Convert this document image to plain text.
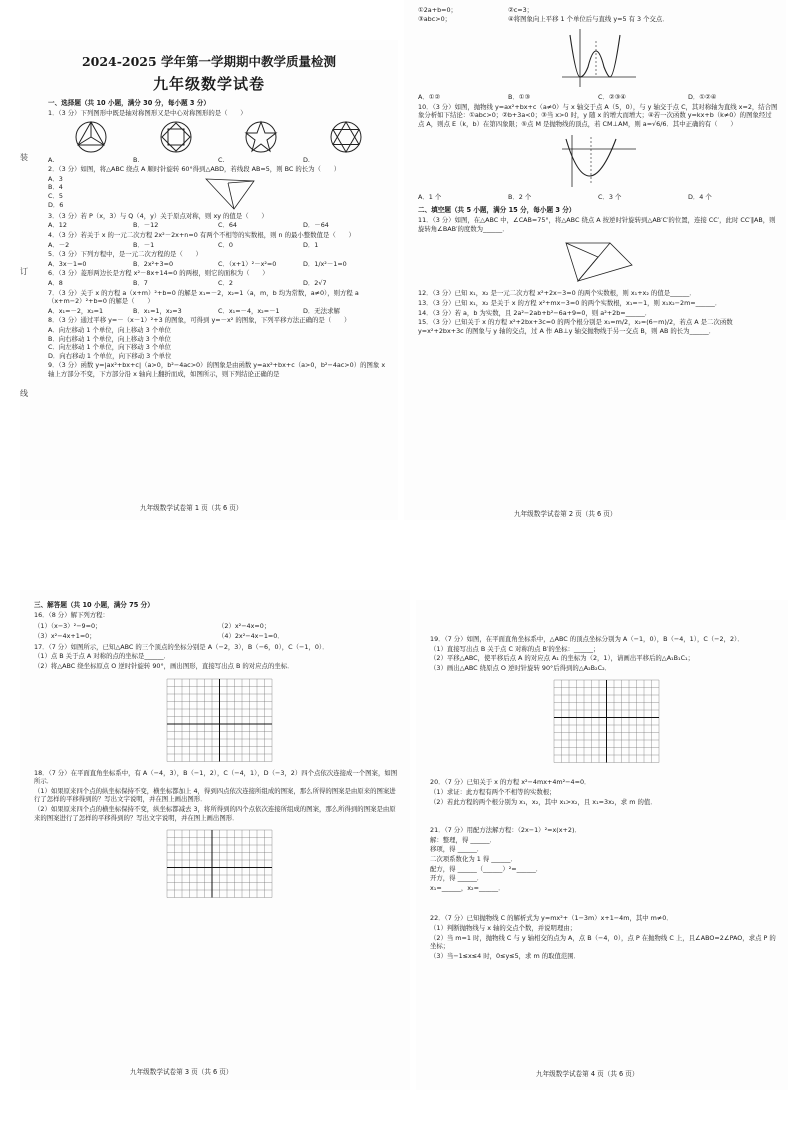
装
订
线
2024-2025 学年第一学期期中教学质量检测
九年级数学试卷
一、选择题（共 10 小题，满分 30 分，每小题 3 分）
1．（3 分）下列图形中既是轴对称图形又是中心对称图形的是（　　）
A.	B.	C.	D.
2．（3 分）如图，将△ABC 绕点 A 顺时针旋转 60°得到△ABD，若线段 AB=5，则 BC 的长为（　　）
A．3
B．4
C．5
D．6
3．（3 分）若 P（x，3）与 Q（4，y）关于原点对称，则 xy 的值是（　　）
A．12	B．－12	C．64	D．－64
4．（3 分）若关于 x 的一元二次方程 2x²－2x+n=0 有两个不相等的实数根，则 n 的最小整数值是（　　）
A．－2	B．－1	C．0	D．1
5．（3 分）下列方程中，是一元二次方程的是（　　）
A．3x－1=0	B．2x²+3=0	C．（x+1）²－x²=0	D．1/x²－1=0
6．（3 分）菱形两边长是方程 x²－8x+14=0 的两根，则它的面积为（　　）
A．8	B．7	C．2	D．2√7
7．（3 分）关于 x 的方程 a（x+m）²+b=0 的解是 x₁=－2，x₂=1（a，m，b 均为常数，a≠0），则方程 a（x+m−2）²+b=0 的解是（　　）
A．x₁=－2，x₂=1	B．x₁=1，x₂=3	C．x₁=－4，x₂=－1	D．无法求解
8．（3 分）通过平移 y=－（x－1）²+3 的图象，可得到 y=－x² 的图象，下列平移方法正确的是（　　）
A．向左移动 1 个单位，向上移动 3 个单位
B．向右移动 1 个单位，向上移动 3 个单位
C．向左移动 1 个单位，向下移动 3 个单位
D．向右移动 1 个单位，向下移动 3 个单位
9．（3 分）函数 y=|ax²+bx+c|（a>0，b²−4ac>0）的图象是由函数 y=ax²+bx+c（a>0，b²−4ac>0）的图象 x 轴上方部分不变，下方部分沿 x 轴向上翻折而成，如图所示，则下列结论正确的是
九年级数学试卷第 1 页（共 6 页）
①2a+b=0；
③abc>0；
②c=3；
④将图象向上平移 1 个单位后与直线 y=5 有 3 个交点．
A．①②	B．①③	C．②③④	D．①②④
10．（3 分）如图，抛物线 y=ax²+bx+c（a≠0）与 x 轴交于点 A（5，0），与 y 轴交于点 C，其对称轴为直线 x=2，结合图象分析如下结论：①abc>0；②b+3a<0；③当 x>0 时，y 随 x 的增大而增大；④若一次函数 y=kx+b（k≠0）的图象经过点 A，则点 E（k，b）在第四象限；⑤点 M 是抛物线的顶点，若 CM⊥AM，则 a=√6/6．其中正确的有（　　）
A．1 个	B．2 个	C．3 个	D．4 个
二、填空题（共 5 小题，满分 15 分，每小题 3 分）
11．（3 分）如图，在△ABC 中，∠CAB=75°，将△ABC 绕点 A 按逆时针旋转到△AB′C′的位置，连接 CC′，此时 CC′∥AB，则旋转角∠BAB′的度数为______．
12．（3 分）已知 x₁，x₂ 是一元二次方程 x²+2x−3=0 的两个实数根，则 x₁+x₂ 的值是______．
13．（3 分）已知 x₁，x₂ 是关于 x 的方程 x²+mx−3=0 的两个实数根，x₁=−1，则 x₁x₂−2m=______．
14．（3 分）若 a，b 为实数，且 2a²−2ab+b²−6a+9=0，则 a²+2b=______．
15．（3 分）已知关于 x 的方程 x²+2bx+3c=0 的两个根分别是 x₁=m/2，x₂=(6−m)/2，若点 A 是二次函数 y=x²+2bx+3c 的图象与 y 轴的交点，过 A 作 AB⊥y 轴交抛物线于另一交点 B，则 AB 的长为______．
九年级数学试卷第 2 页（共 6 页）
三、解答题（共 10 小题，满分 75 分）
16．（8 分）解下列方程：
（1）（x−3）²−9=0；	（2）x²−4x=0；
（3）x²−4x+1=0；	（4）2x²−4x−1=0．
17．（7 分）如图所示，已知△ABC 的三个顶点的坐标分别是 A（−2，3），B（−6，0），C（−1，0）．
（1）点 B 关于点 A 对称的点的坐标是______．
（2）将△ABC 绕坐标原点 O 逆时针旋转 90°，画出图形，直接写出点 B 的对应点的坐标．
18．（7 分）在平面直角坐标系中，有 A（−4，3），B（−1，2），C（−4，1），D（−3，2）四个点依次连接成一个图案，如图所示．
（1）如果原来四个点的纵坐标保持不变，横坐标都加上 4，得到四点依次连接所组成的图案，那么所得的图案是由原来的图案进行了怎样的平移得到的？写出文字说明，并在图上画出图形．
（2）如果原来四个点的横坐标保持不变，纵坐标都减去 3，将所得到的四个点依次连接所组成的图案，那么所得到的图案是由原来的图案进行了怎样的平移得到的？写出文字说明，并在图上画出图形．
九年级数学试卷第 3 页（共 6 页）
19．（7 分）如图，在平面直角坐标系中，△ABC 的顶点坐标分别为 A（−1，0），B（−4，1），C（−2，2）．
（1）直接写出点 B 关于点 C 对称的点 B′的坐标：______；
（2）平移△ABC，使平移后点 A 的对应点 A₁ 的坐标为（2，1），请画出平移后的△A₁B₁C₁；
（3）画出△ABC 绕原点 O 逆时针旋转 90°后得到的△A₂B₂C₂．
20．（7 分）已知关于 x 的方程 x²−4mx+4m²−4=0．
（1）求证：此方程有两个不相等的实数根；
（2）若此方程的两个根分别为 x₁，x₂，其中 x₁>x₂，且 x₁=3x₂，求 m 的值．
21．（7 分）用配方法解方程：（2x−1）²=x(x+2)．
解：整理，得 ______．
移项，得 ______．
二次项系数化为 1 得 ______．
配方，得 ______（______）²=______．
开方，得 ______．
x₁=______，x₂=______．
22．（7 分）已知抛物线 C 的解析式为 y=mx²+（1−3m）x+1−4m，其中 m≠0．
（1）判断抛物线与 x 轴的交点个数，并说明理由；
（2）当 m=1 时，抛物线 C 与 y 轴相交的点为 A，点 B（−4，0），点 P 在抛物线 C 上，且∠ABO=2∠PAO，求点 P 的坐标；
（3）当−1≤x≤4 时，0≤y≤5，求 m 的取值范围．
九年级数学试卷第 4 页（共 6 页）
